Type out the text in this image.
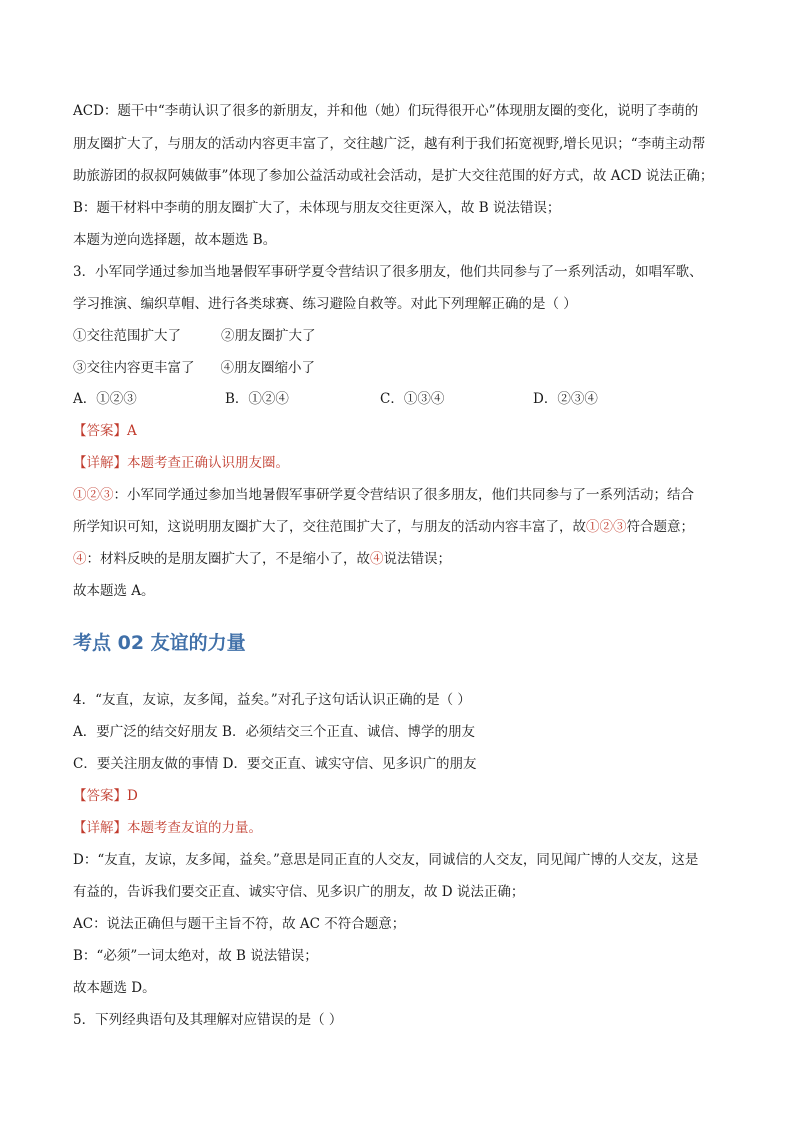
ACD：题干中“李萌认识了很多的新朋友，并和他（她）们玩得很开心”体现朋友圈的变化，说明了李萌的
朋友圈扩大了，与朋友的活动内容更丰富了，交往越广泛，越有利于我们拓宽视野,增长见识；“李萌主动帮
助旅游团的叔叔阿姨做事”体现了参加公益活动或社会活动，是扩大交往范围的好方式，故 ACD 说法正确；
B：题干材料中李萌的朋友圈扩大了，未体现与朋友交往更深入，故 B 说法错误；
本题为逆向选择题，故本题选 B。
3．小军同学通过参加当地暑假军事研学夏令营结识了很多朋友，他们共同参与了一系列活动，如唱军歌、
学习推演、编织草帽、进行各类球赛、练习避险自救等。对此下列理解正确的是（ ）
①交往范围扩大了	②朋友圈扩大了
③交往内容更丰富了 ④朋友圈缩小了
A．①②③	B．①②④	C．①③④	D．②③④
【答案】A
【详解】本题考查正确认识朋友圈。
①②③：小军同学通过参加当地暑假军事研学夏令营结识了很多朋友，他们共同参与了一系列活动；结合
所学知识可知，这说明朋友圈扩大了，交往范围扩大了，与朋友的活动内容丰富了，故①②③符合题意；
④：材料反映的是朋友圈扩大了，不是缩小了，故④说法错误；
故本题选 A。
考点 02 友谊的力量
4．“友直，友谅，友多闻，益矣。”对孔子这句话认识正确的是（ ）
A．要广泛的结交好朋友 B．必须结交三个正直、诚信、博学的朋友
C．要关注朋友做的事情 D．要交正直、诚实守信、见多识广的朋友
【答案】D
【详解】本题考查友谊的力量。
D：“友直，友谅，友多闻，益矣。”意思是同正直的人交友，同诚信的人交友，同见闻广博的人交友，这是
有益的，告诉我们要交正直、诚实守信、见多识广的朋友，故 D 说法正确；
AC：说法正确但与题干主旨不符，故 AC 不符合题意；
B：“必须”一词太绝对，故 B 说法错误；
故本题选 D。
5．下列经典语句及其理解对应错误的是（ ）
